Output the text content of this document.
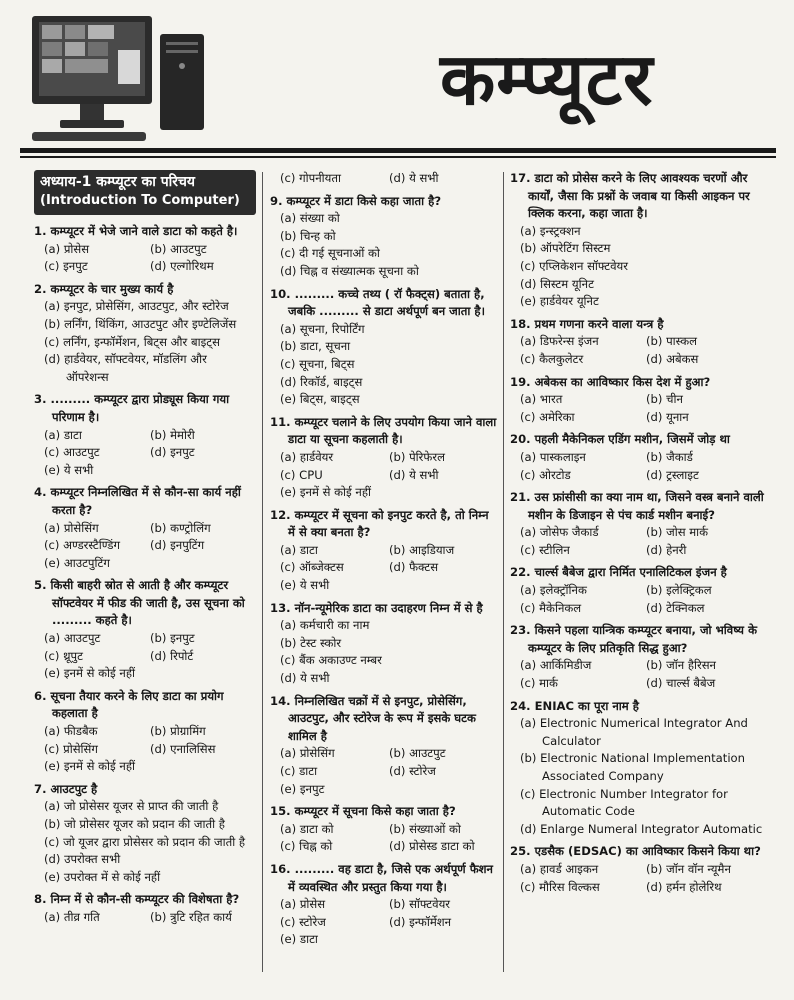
कम्प्यूटर
अध्याय-1 कम्प्यूटर का परिचय
(Introduction To Computer)
1. कम्प्यूटर में भेजे जाने वाले डाटा को कहते है।
(a) प्रोसेस	(b) आउटपुट
(c) इनपुट	(d) एल्गोरिथम
2. कम्प्यूटर के चार मुख्य कार्य है
(a) इनपुट, प्रोसेसिंग, आउटपुट, और स्टोरेज
(b) लर्निंग, थिंकिंग, आउटपुट और इण्टेलिजेंस
(c) लर्निंग, इन्फॉर्मेशन, बिट्स और बाइट्स
(d) हार्डवेयर, सॉफ्टवेयर, मॉडलिंग और ऑपरेशन्स
3. ......... कम्प्यूटर द्वारा प्रोड्यूस किया गया परिणाम है।
(a) डाटा	(b) मेमोरी
(c) आउटपुट	(d) इनपुट
(e) ये सभी
4. कम्प्यूटर निम्नलिखित में से कौन-सा कार्य नहीं करता है?
(a) प्रोसेसिंग	(b) कण्ट्रोलिंग
(c) अण्डरस्टैण्डिंग	(d) इनपुटिंग
(e) आउटपुटिंग
5. किसी बाहरी स्रोत से आती है और कम्प्यूटर सॉफ्टवेयर में फीड की जाती है, उस सूचना को ......... कहते है।
(a) आउटपुट	(b) इनपुट
(c) थ्रूपुट	(d) रिपोर्ट
(e) इनमें से कोई नहीं
6. सूचना तैयार करने के लिए डाटा का प्रयोग कहलाता है
(a) फीडबैक	(b) प्रोग्रामिंग
(c) प्रोसेसिंग	(d) एनालिसिस
(e) इनमें से कोई नहीं
7. आउटपुट है
(a) जो प्रोसेसर यूजर से प्राप्त की जाती है
(b) जो प्रोसेसर यूजर को प्रदान की जाती है
(c) जो यूजर द्वारा प्रोसेसर को प्रदान की जाती है
(d) उपरोक्त सभी
(e) उपरोक्त में से कोई नहीं
8. निम्न में से कौन-सी कम्प्यूटर की विशेषता है?
(a) तीव्र गति	(b) त्रुटि रहित कार्य
(c) गोपनीयता	(d) ये सभी
9. कम्प्यूटर में डाटा किसे कहा जाता है?
(a) संख्या को
(b) चिन्ह को
(c) दी गई सूचनाओं को
(d) चिह्न व संख्यात्मक सूचना को
10. ......... कच्चे तथ्य ( रॉ फैक्ट्स) बताता है, जबकि ......... से डाटा अर्थपूर्ण बन जाता है।
(a) सूचना, रिपोर्टिंग
(b) डाटा, सूचना
(c) सूचना, बिट्स
(d) रिकॉर्ड, बाइट्स
(e) बिट्स, बाइट्स
11. कम्प्यूटर चलाने के लिए उपयोग किया जाने वाला डाटा या सूचना कहलाती है।
(a) हार्डवेयर	(b) पेरिफेरल
(c) CPU	(d) ये सभी
(e) इनमें से कोई नहीं
12. कम्प्यूटर में सूचना को इनपुट करते है, तो निम्न में से क्या बनता है?
(a) डाटा	(b) आइडियाज
(c) ऑब्जेक्टस	(d) फैक्टस
(e) ये सभी
13. नॉन-न्यूमेरिक डाटा का उदाहरण निम्न में से है
(a) कर्मचारी का नाम
(b) टेस्ट स्कोर
(c) बैंक अकाउण्ट नम्बर
(d) ये सभी
14. निम्नलिखित चक्रों में से इनपुट, प्रोसेसिंग, आउटपुट, और स्टोरेज के रूप में इसके घटक शामिल है
(a) प्रोसेसिंग	(b) आउटपुट
(c) डाटा	(d) स्टोरेज
(e) इनपुट
15. कम्प्यूटर में सूचना किसे कहा जाता है?
(a) डाटा को	(b) संख्याओं को
(c) चिह्न को	(d) प्रोसेस्ड डाटा को
16. ......... वह डाटा है, जिसे एक अर्थपूर्ण फैशन में व्यवस्थित और प्रस्तुत किया गया है।
(a) प्रोसेस	(b) सॉफ्टवेयर
(c) स्टोरेज	(d) इन्फॉर्मेशन
(e) डाटा
17. डाटा को प्रोसेस करने के लिए आवश्यक चरणों और कार्यों, जैसा कि प्रश्नों के जवाब या किसी आइकन पर क्लिक करना, कहा जाता है।
(a) इन्स्ट्रक्शन
(b) ऑपरेटिंग सिस्टम
(c) एप्लिकेशन सॉफ्टवेयर
(d) सिस्टम यूनिट
(e) हार्डवेयर यूनिट
18. प्रथम गणना करने वाला यन्त्र है
(a) डिफरेन्स इंजन	(b) पास्कल
(c) कैलकुलेटर	(d) अबेकस
19. अबेकस का आविष्कार किस देश में हुआ?
(a) भारत	(b) चीन
(c) अमेरिका	(d) यूनान
20. पहली मैकेनिकल एडिंग मशीन, जिसमें जोड़ था
(a) पास्कलाइन	(b) जैकार्ड
(c) ओरटोड	(d) ट्रस्लाइट
21. उस फ्रांसीसी का क्या नाम था, जिसने वस्त्र बनाने वाली मशीन के डिजाइन से पंच कार्ड मशीन बनाई?
(a) जोसेफ जैकार्ड	(b) जोस मार्क
(c) स्टीलिन	(d) हेनरी
22. चार्ल्स बैबेज द्वारा निर्मित एनालिटिकल इंजन है
(a) इलेक्ट्रॉनिक	(b) इलेक्ट्रिकल
(c) मैकेनिकल	(d) टेक्निकल
23. किसने पहला यान्त्रिक कम्प्यूटर बनाया, जो भविष्य के कम्प्यूटर के लिए प्रतिकृति सिद्ध हुआ?
(a) आर्किमिडीज	(b) जॉन हैरिसन
(c) मार्क	(d) चार्ल्स बैबेज
24. ENIAC का पूरा नाम है
(a) Electronic Numerical Integrator And Calculator
(b) Electronic National Implementation Associated Company
(c) Electronic Number Integrator for Automatic Code
(d) Enlarge Numeral Integrator Automatic
25. एडसैक (EDSAC) का आविष्कार किसने किया था?
(a) हावर्ड आइकन	(b) जॉन वॉन न्यूमैन
(c) मौरिस विल्कस	(d) हर्मन होलेरिथ
